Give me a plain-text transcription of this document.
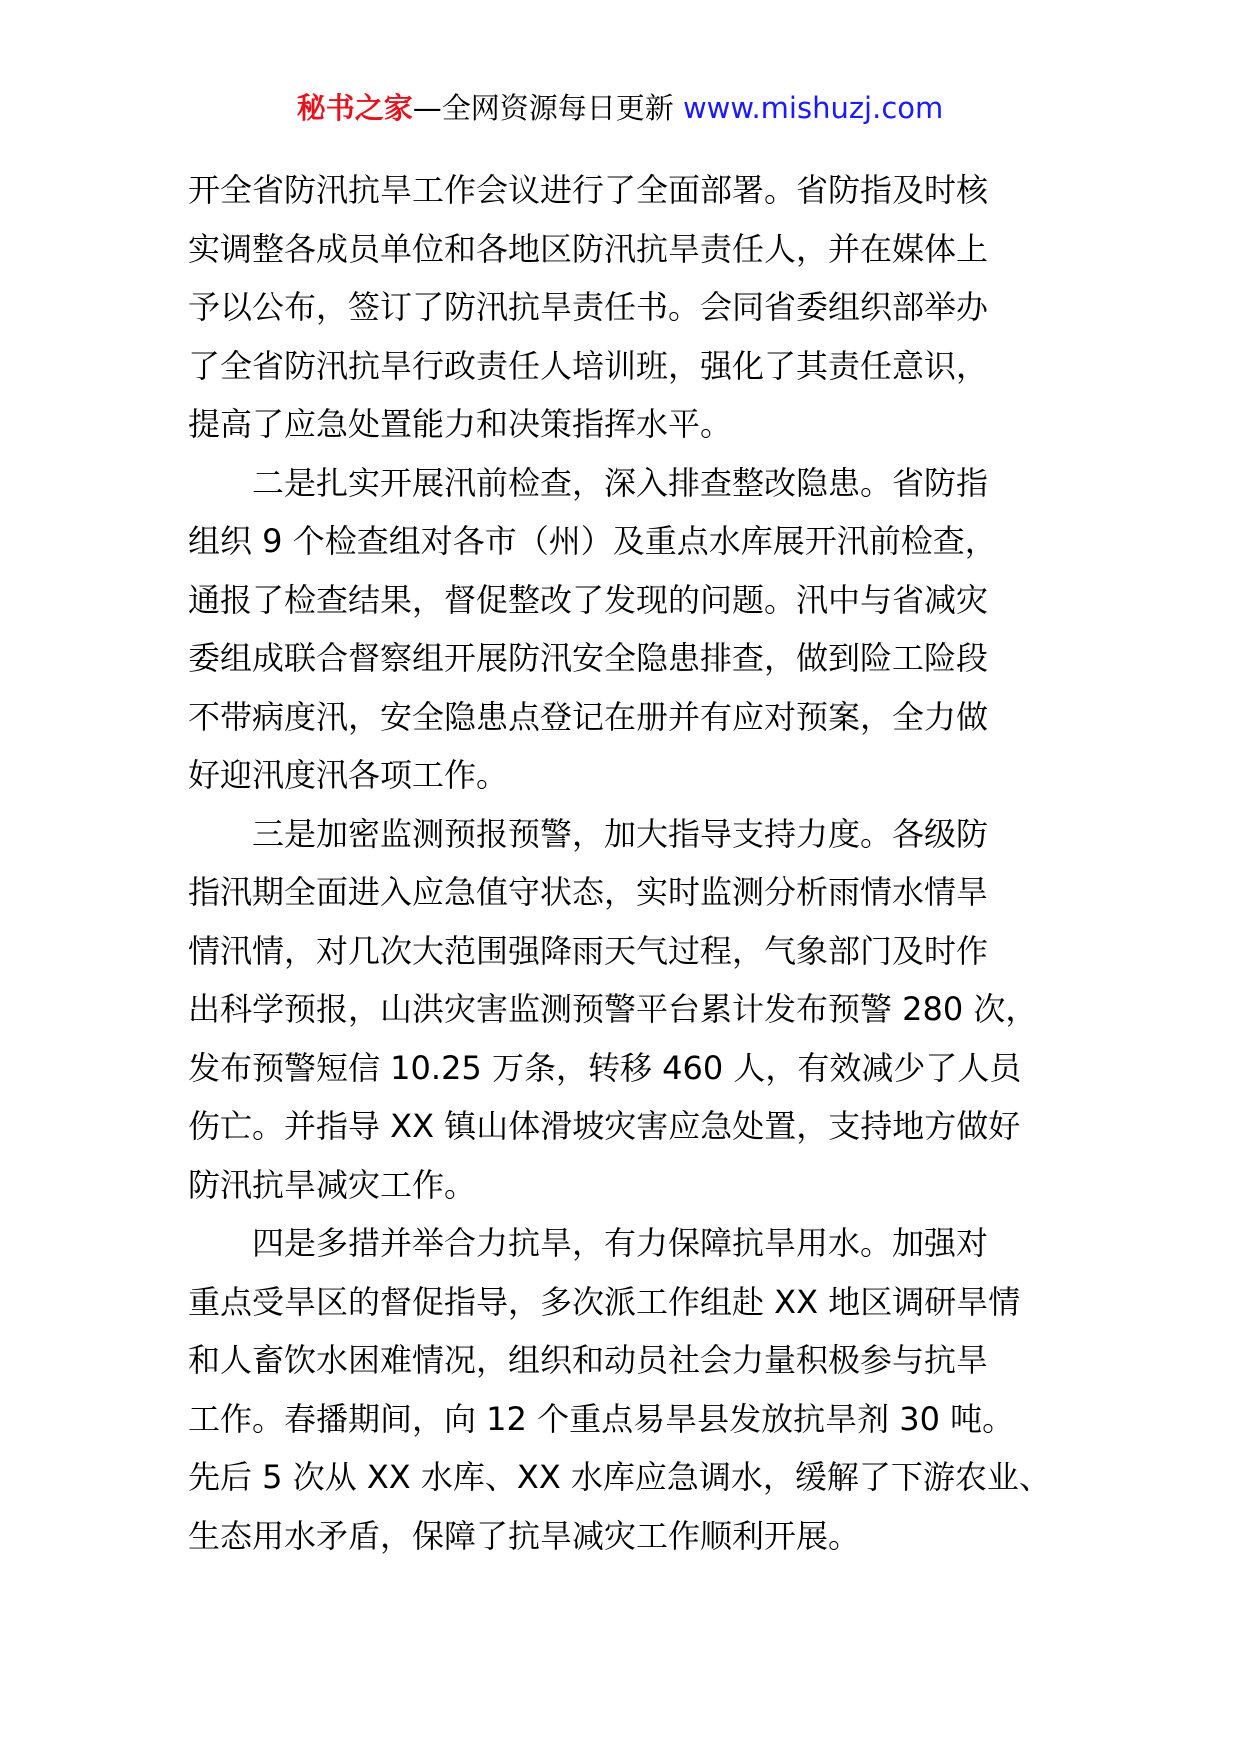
秘书之家—全网资源每日更新 www.mishuzj.com

开全省防汛抗旱工作会议进行了全面部署。省防指及时核
实调整各成员单位和各地区防汛抗旱责任人，并在媒体上
予以公布，签订了防汛抗旱责任书。会同省委组织部举办
了全省防汛抗旱行政责任人培训班，强化了其责任意识，
提高了应急处置能力和决策指挥水平。

二是扎实开展汛前检查，深入排查整改隐患。省防指
组织 9 个检查组对各市（州）及重点水库展开汛前检查，
通报了检查结果，督促整改了发现的问题。汛中与省减灾
委组成联合督察组开展防汛安全隐患排查，做到险工险段
不带病度汛，安全隐患点登记在册并有应对预案，全力做
好迎汛度汛各项工作。

三是加密监测预报预警，加大指导支持力度。各级防
指汛期全面进入应急值守状态，实时监测分析雨情水情旱
情汛情，对几次大范围强降雨天气过程，气象部门及时作
出科学预报，山洪灾害监测预警平台累计发布预警 280 次，
发布预警短信 10.25 万条，转移 460 人，有效减少了人员
伤亡。并指导 XX 镇山体滑坡灾害应急处置，支持地方做好
防汛抗旱减灾工作。

四是多措并举合力抗旱，有力保障抗旱用水。加强对
重点受旱区的督促指导，多次派工作组赴 XX 地区调研旱情
和人畜饮水困难情况，组织和动员社会力量积极参与抗旱
工作。春播期间，向 12 个重点易旱县发放抗旱剂 30 吨。
先后 5 次从 XX 水库、XX 水库应急调水，缓解了下游农业、
生态用水矛盾，保障了抗旱减灾工作顺利开展。
